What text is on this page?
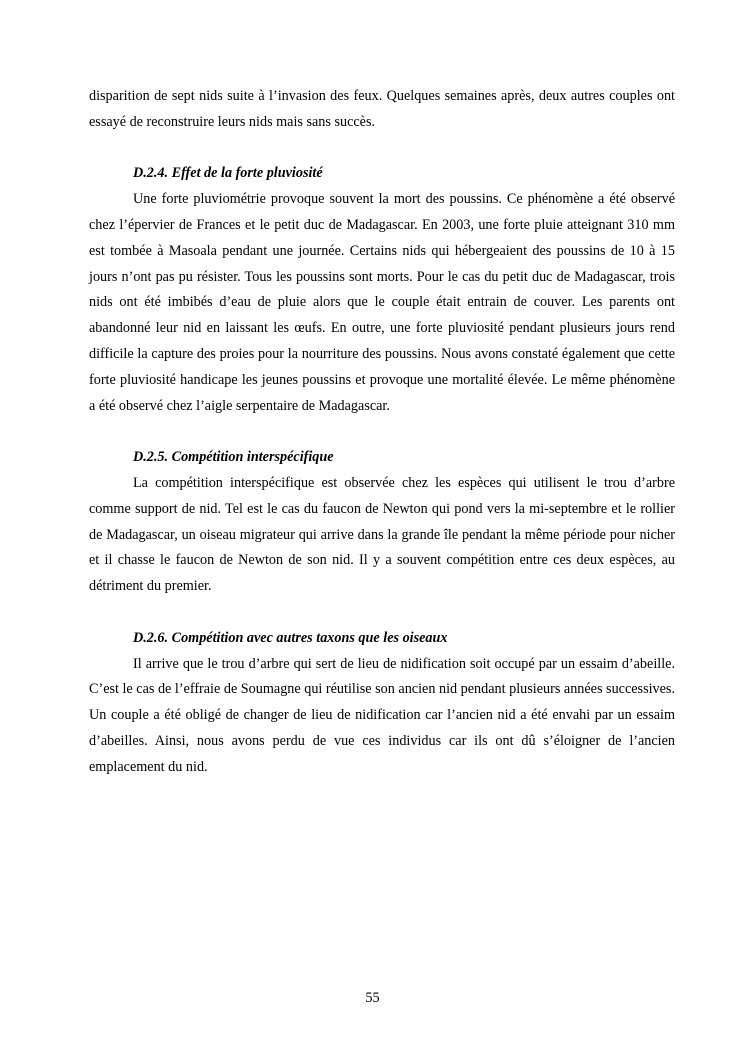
disparition de sept nids suite à l’invasion des feux. Quelques semaines après, deux autres couples ont essayé de reconstruire leurs nids mais sans succès.

D.2.4. Effet de la forte pluviosité

Une forte pluviométrie provoque souvent la mort des poussins. Ce phénomène a été observé chez l’épervier de Frances et le petit duc de Madagascar. En 2003, une forte pluie atteignant 310 mm est tombée à Masoala pendant une journée. Certains nids qui hébergeaient des poussins de 10 à 15 jours n’ont pas pu résister. Tous les poussins sont morts. Pour le cas du petit duc de Madagascar, trois nids ont été imbibés d’eau de pluie alors que le couple était entrain de couver. Les parents ont abandonné leur nid en laissant les œufs. En outre, une forte pluviosité pendant plusieurs jours rend difficile la capture des proies pour la nourriture des poussins. Nous avons constaté également que cette forte pluviosité handicape les jeunes poussins et provoque une mortalité élevée. Le même phénomène a été observé chez l’aigle serpentaire de Madagascar.

D.2.5. Compétition interspécifique

La compétition interspécifique est observée chez les espèces qui utilisent le trou d’arbre comme support de nid. Tel est le cas du faucon de Newton qui pond vers la mi-septembre et le rollier de Madagascar, un oiseau migrateur qui arrive dans la grande île pendant la même période pour nicher et il chasse le faucon de Newton de son nid. Il y a souvent compétition entre ces deux espèces, au détriment du premier.

D.2.6. Compétition avec autres taxons que les oiseaux

Il arrive que le trou d’arbre qui sert de lieu de nidification soit occupé par un essaim d’abeille. C’est le cas de l’effraie de Soumagne qui réutilise son ancien nid pendant plusieurs années successives. Un couple a été obligé de changer de lieu de nidification car l’ancien nid a été envahi par un essaim d’abeilles. Ainsi, nous avons perdu de vue ces individus car ils ont dû s’éloigner de l’ancien emplacement du nid.

55
